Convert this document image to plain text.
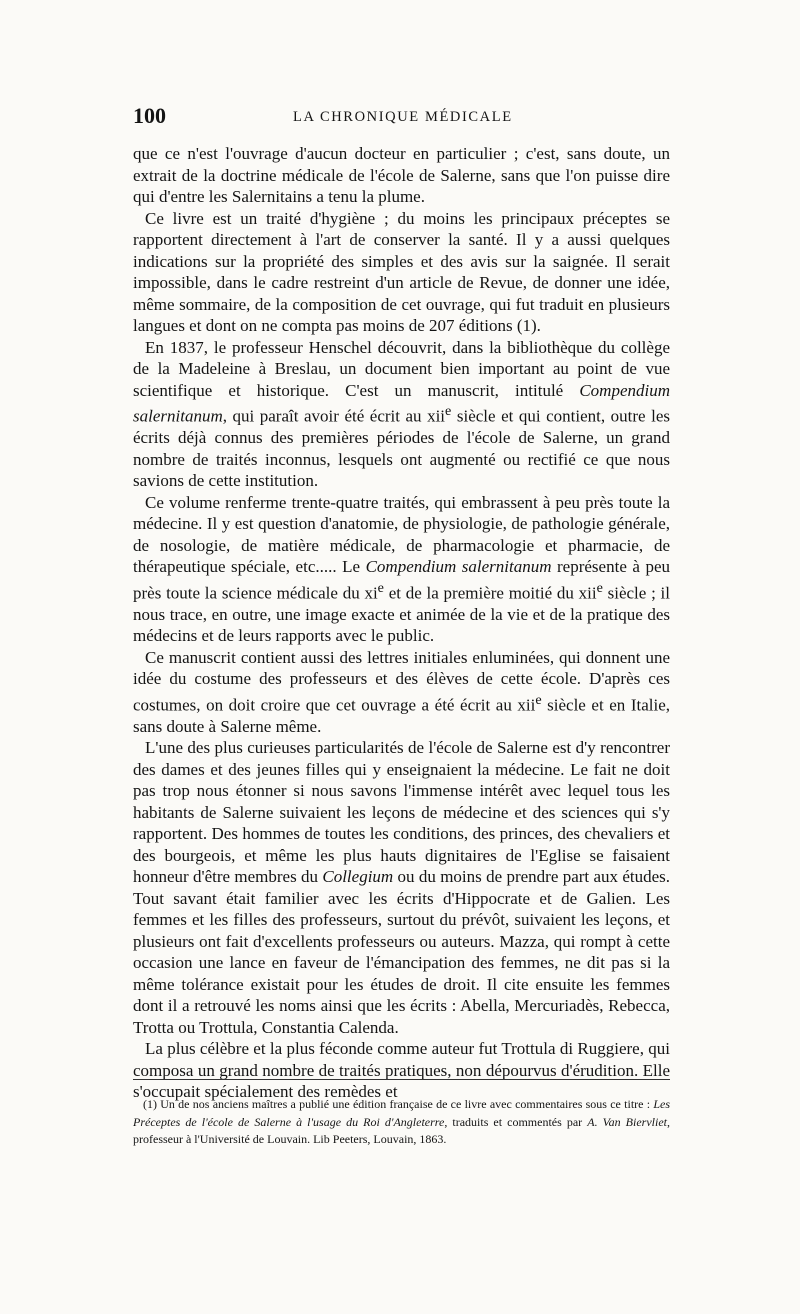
100	LA CHRONIQUE MÉDICALE

que ce n'est l'ouvrage d'aucun docteur en particulier ; c'est, sans doute, un extrait de la doctrine médicale de l'école de Salerne, sans que l'on puisse dire qui d'entre les Salernitains a tenu la plume.

Ce livre est un traité d'hygiène ; du moins les principaux préceptes se rapportent directement à l'art de conserver la santé. Il y a aussi quelques indications sur la propriété des simples et des avis sur la saignée. Il serait impossible, dans le cadre restreint d'un article de Revue, de donner une idée, même sommaire, de la composition de cet ouvrage, qui fut traduit en plusieurs langues et dont on ne compta pas moins de 207 éditions (1).

En 1837, le professeur Henschel découvrit, dans la bibliothèque du collège de la Madeleine à Breslau, un document bien important au point de vue scientifique et historique. C'est un manuscrit, intitulé Compendium salernitanum, qui paraît avoir été écrit au xii$^e$ siècle et qui contient, outre les écrits déjà connus des premières périodes de l'école de Salerne, un grand nombre de traités inconnus, lesquels ont augmenté ou rectifié ce que nous savions de cette institution.

Ce volume renferme trente-quatre traités, qui embrassent à peu près toute la médecine. Il y est question d'anatomie, de physiologie, de pathologie générale, de nosologie, de matière médicale, de pharmacologie et pharmacie, de thérapeutique spéciale, etc..... Le Compendium salernitanum représente à peu près toute la science médicale du $xi^e$ et de la première moitié du xii$^e$ siècle ; il nous trace, en outre, une image exacte et animée de la vie et de la pratique des médecins et de leurs rapports avec le public.

Ce manuscrit contient aussi des lettres initiales enluminées, qui donnent une idée du costume des professeurs et des élèves de cette école. D'après ces costumes, on doit croire que cet ouvrage a été écrit au xii$^e$ siècle et en Italie, sans doute à Salerne même.

L'une des plus curieuses particularités de l'école de Salerne est d'y rencontrer des dames et des jeunes filles qui y enseignaient la médecine. Le fait ne doit pas trop nous étonner si nous savons l'immense intérêt avec lequel tous les habitants de Salerne suivaient les leçons de médecine et des sciences qui s'y rapportent. Des hommes de toutes les conditions, des princes, des chevaliers et des bourgeois, et même les plus hauts dignitaires de l'Eglise se faisaient honneur d'être membres du Collegium ou du moins de prendre part aux études. Tout savant était familier avec les écrits d'Hippocrate et de Galien. Les femmes et les filles des professeurs, surtout du prévôt, suivaient les leçons, et plusieurs ont fait d'excellents professeurs ou auteurs. Mazza, qui rompt à cette occasion une lance en faveur de l'émancipation des femmes, ne dit pas si la même tolérance existait pour les études de droit. Il cite ensuite les femmes dont il a retrouvé les noms ainsi que les écrits : Abella, Mercuriadès, Rebecca, Trotta ou Trottula, Constantia Calenda.

La plus célèbre et la plus féconde comme auteur fut Trottula di Ruggiere, qui composa un grand nombre de traités pratiques, non dépourvus d'érudition. Elle s'occupait spécialement des remèdes et

(1) Un de nos anciens maîtres a publié une édition française de ce livre avec commentaires sous ce titre : Les Préceptes de l'école de Salerne à l'usage du Roi d'Angleterre, traduits et commentés par A. Van Biervliet, professeur à l'Université de Louvain. Lib Peeters, Louvain, 1863.
